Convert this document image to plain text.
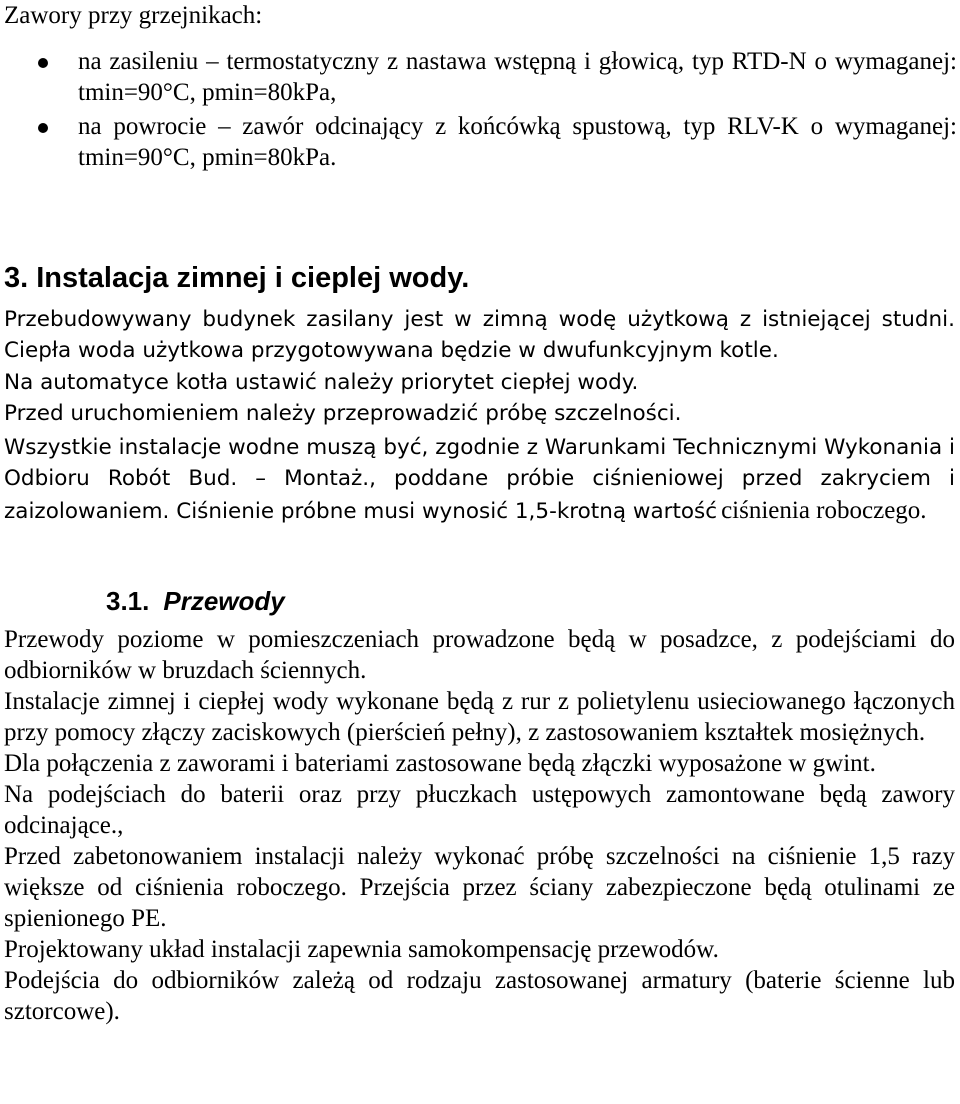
Zawory przy grzejnikach:
na zasileniu – termostatyczny z nastawa wstępną i głowicą, typ RTD-N o wymaganej: tmin=90°C, pmin=80kPa,
na powrocie – zawór odcinający z końcówką spustową, typ RLV-K o wymaganej: tmin=90°C, pmin=80kPa.
3. Instalacja zimnej i cieplej wody.

Przebudowywany budynek zasilany jest w zimną wodę użytkową z istniejącej studni. Ciepła woda użytkowa przygotowywana będzie w dwufunkcyjnym kotle.

Na automatyce kotła ustawić należy priorytet ciepłej wody.

Przed uruchomieniem należy przeprowadzić próbę szczelności.

Wszystkie instalacje wodne muszą być, zgodnie z Warunkami Technicznymi Wykonania i Odbioru Robót Bud. – Montaż., poddane próbie ciśnieniowej przed zakryciem i zaizolowaniem. Ciśnienie próbne musi wynosić 1,5-krotną wartość ciśnienia roboczego.

3.1. Przewody

Przewody poziome w pomieszczeniach prowadzone będą w posadzce, z podejściami do odbiorników w bruzdach ściennych.

Instalacje zimnej i ciepłej wody wykonane będą z rur z polietylenu usieciowanego łączonych przy pomocy złączy zaciskowych (pierścień pełny), z zastosowaniem kształtek mosiężnych.

Dla połączenia z zaworami i bateriami zastosowane będą złączki wyposażone w gwint.

Na podejściach do baterii oraz przy płuczkach ustępowych zamontowane będą zawory odcinające.,

Przed zabetonowaniem instalacji należy wykonać próbę szczelności na ciśnienie 1,5 razy większe od ciśnienia roboczego. Przejścia przez ściany zabezpieczone będą otulinami ze spienionego PE.

Projektowany układ instalacji zapewnia samokompensację przewodów.

Podejścia do odbiorników zależą od rodzaju zastosowanej armatury (baterie ścienne lub sztorcowe).
